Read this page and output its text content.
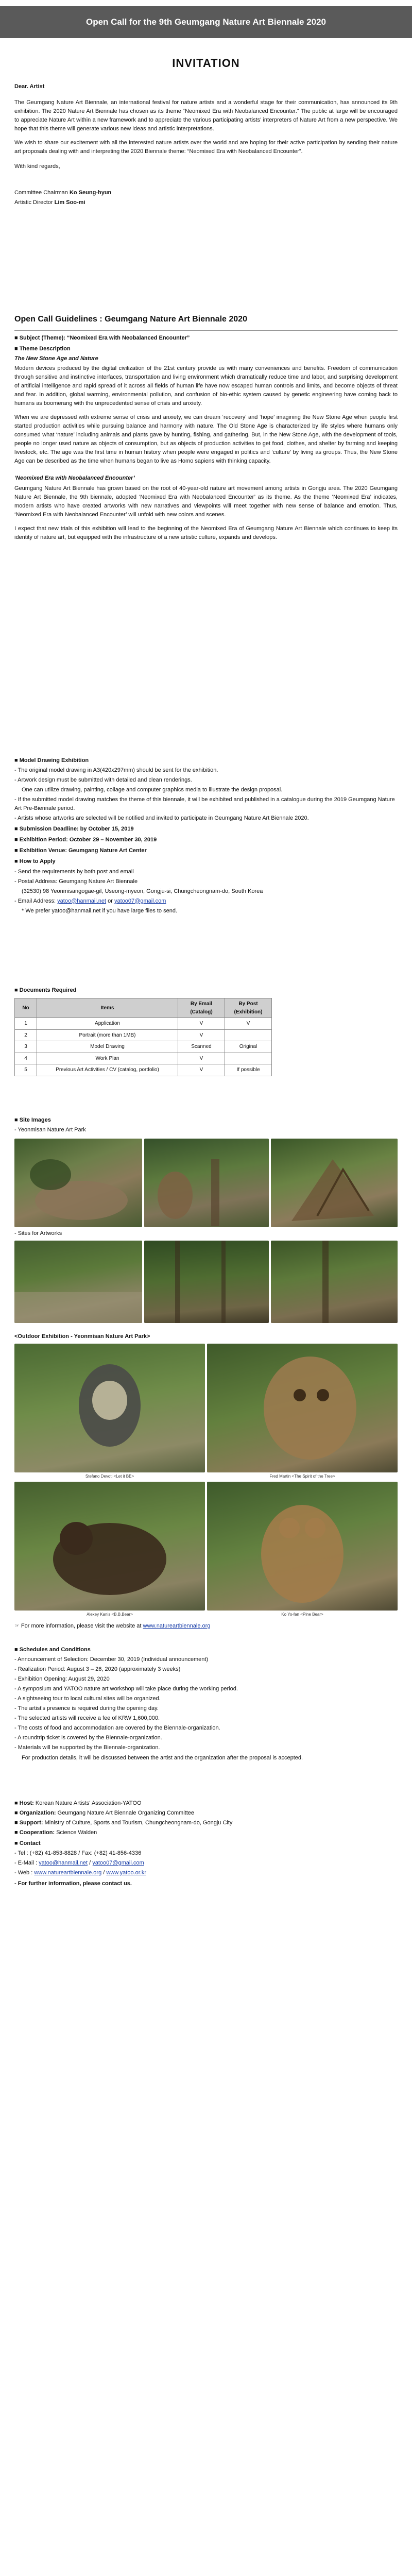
Open Call for the 9th Geumgang Nature Art Biennale 2020
INVITATION

Dear. Artist

The Geumgang Nature Art Biennale, an international festival for nature artists and a wonderful stage for their communication, has announced its 9th exhibition. The 2020 Nature Art Biennale has chosen as its theme “Neomixed Era with Neobalanced Encounter.” The public at large will be encouraged to appreciate Nature Art within a new framework and to appreciate the various participating artists’ interpreters of Nature Art from a new perspective. We hope that this theme will generate various new ideas and artistic interpretations.

We wish to share our excitement with all the interested nature artists over the world and are hoping for their active participation by sending their nature art proposals dealing with and interpreting the 2020 Biennale theme: “Neomixed Era with Neobalanced Encounter”.

With kind regards,

Committee Chairman Ko Seung-hyun
Artistic Director Lim Soo-mi
Open Call Guidelines : Geumgang Nature Art Biennale 2020
■ Subject (Theme): “Neomixed Era with Neobalanced Encounter”
■ Theme Description
The New Stone Age and Nature

Modern devices produced by the digital civilization of the 21st century provide us with many conveniences and benefits. Freedom of communication through sensitive and instinctive interfaces, transportation and living environment which dramatically reduce time and labor, and surprising development of artificial intelligence and rapid spread of it across all fields of human life have now escaped human controls and limits, and become objects of threat and fear. In addition, global warming, environmental pollution, and confusion of bio-ethic system caused by genetic engineering have coming back to humans as boomerang with the unprecedented sense of crisis and anxiety.

When we are depressed with extreme sense of crisis and anxiety, we can dream ‘recovery’ and ‘hope’ imagining the New Stone Age when people first started production activities while pursuing balance and harmony with nature. The Old Stone Age is characterized by life styles where humans only consumed what ‘nature’ including animals and plants gave by hunting, fishing, and gathering. But, in the New Stone Age, with the development of tools, people no longer used nature as objects of consumption, but as objects of production activities to get food, clothes, and shelter by farming and keeping livestock, etc. The age was the first time in human history when people were engaged in politics and ‘culture’ by living as groups. Thus, the New Stone Age can be described as the time when humans began to live as Homo sapiens with thinking capacity.

‘Neomixed Era with Neobalanced Encounter’

Geumgang Nature Art Biennale has grown based on the root of 40-year-old nature art movement among artists in Gongju area. The 2020 Geumgang Nature Art Biennale, the 9th biennale, adopted ‘Neomixed Era with Neobalanced Encounter’ as its theme. As the theme ‘Neomixed Era’ indicates, modern artists who have created artworks with new narratives and viewpoints will meet together with new sense of balance and emotion. Thus, ‘Neomixed Era with Neobalanced Encounter’ will unfold with new colors and scenes.

I expect that new trials of this exhibition will lead to the beginning of the Neomixed Era of Geumgang Nature Art Biennale which continues to keep its identity of nature art, but equipped with the infrastructure of a new artistic culture, expands and develops.

■ Model Drawing Exhibition
- The original model drawing in A3(420x297mm) should be sent for the exhibition.
- Artwork design must be submitted with detailed and clean renderings.
One can utilize drawing, painting, collage and computer graphics media to illustrate the design proposal.
- If the submitted model drawing matches the theme of this biennale, it will be exhibited and published in a catalogue during the 2019 Geumgang Nature Art Pre-Biennale period.
- Artists whose artworks are selected will be notified and invited to participate in Geumgang Nature Art Biennale 2020.
■ Submission Deadline: by October 15, 2019
■ Exhibition Period: October 29 – November 30, 2019
■ Exhibition Venue: Geumgang Nature Art Center
■ How to Apply
- Send the requirements by both post and email
- Postal Address: Geumgang Nature Art Biennale
(32530) 98 Yeonmisangogae-gil, Useong-myeon, Gongju-si, Chungcheongnam-do, South Korea
- Email Address: yatoo@hanmail.net or yatoo07@gmail.com
* We prefer yatoo@hanmail.net if you have large files to send.
■ Documents Required
No	Items	By Email (Catalog)	By Post (Exhibition)
1	Application	V	V
2	Portrait (more than 1MB)	V	
3	Model Drawing	Scanned	Original
4	Work Plan	V	
5	Previous Art Activities / CV (catalog, portfolio)	V	If possible
■ Site Images
- Yeonmisan Nature Art Park
- Sites for Artworks
<Outdoor Exhibition - Yeonmisan Nature Art Park>
Stefano Devoti <Let it BE>	Fred Martin <The Spirit of the Tree>
Alexey Kanis <B.B.Bear>	Ko Yo-fan <Pine Bear>
☞ For more information, please visit the website at www.natureartbiennale.org
■ Schedules and Conditions
- Announcement of Selection: December 30, 2019 (Individual announcement)
- Realization Period: August 3 – 26, 2020 (approximately 3 weeks)
- Exhibition Opening: August 29, 2020
- A symposium and YATOO nature art workshop will take place during the working period.
- A sightseeing tour to local cultural sites will be organized.
- The artist's presence is required during the opening day.
- The selected artists will receive a fee of KRW 1,600,000.
- The costs of food and accommodation are covered by the Biennale-organization.
- A roundtrip ticket is covered by the Biennale-organization.
- Materials will be supported by the Biennale-organization.
For production details, it will be discussed between the artist and the organization after the proposal is accepted.
■ Host: Korean Nature Artists' Association-YATOO
■ Organization: Geumgang Nature Art Biennale Organizing Committee
■ Support: Ministry of Culture, Sports and Tourism, Chungcheongnam-do, Gongju City
■ Cooperation: Science Walden
■ Contact
- Tel : (+82) 41-853-8828 / Fax: (+82) 41-856-4336
- E-Mail : yatoo@hanmail.net / yatoo07@gmail.com
- Web : www.natureartbiennale.org / www.yatoo.or.kr
- For further information, please contact us.
